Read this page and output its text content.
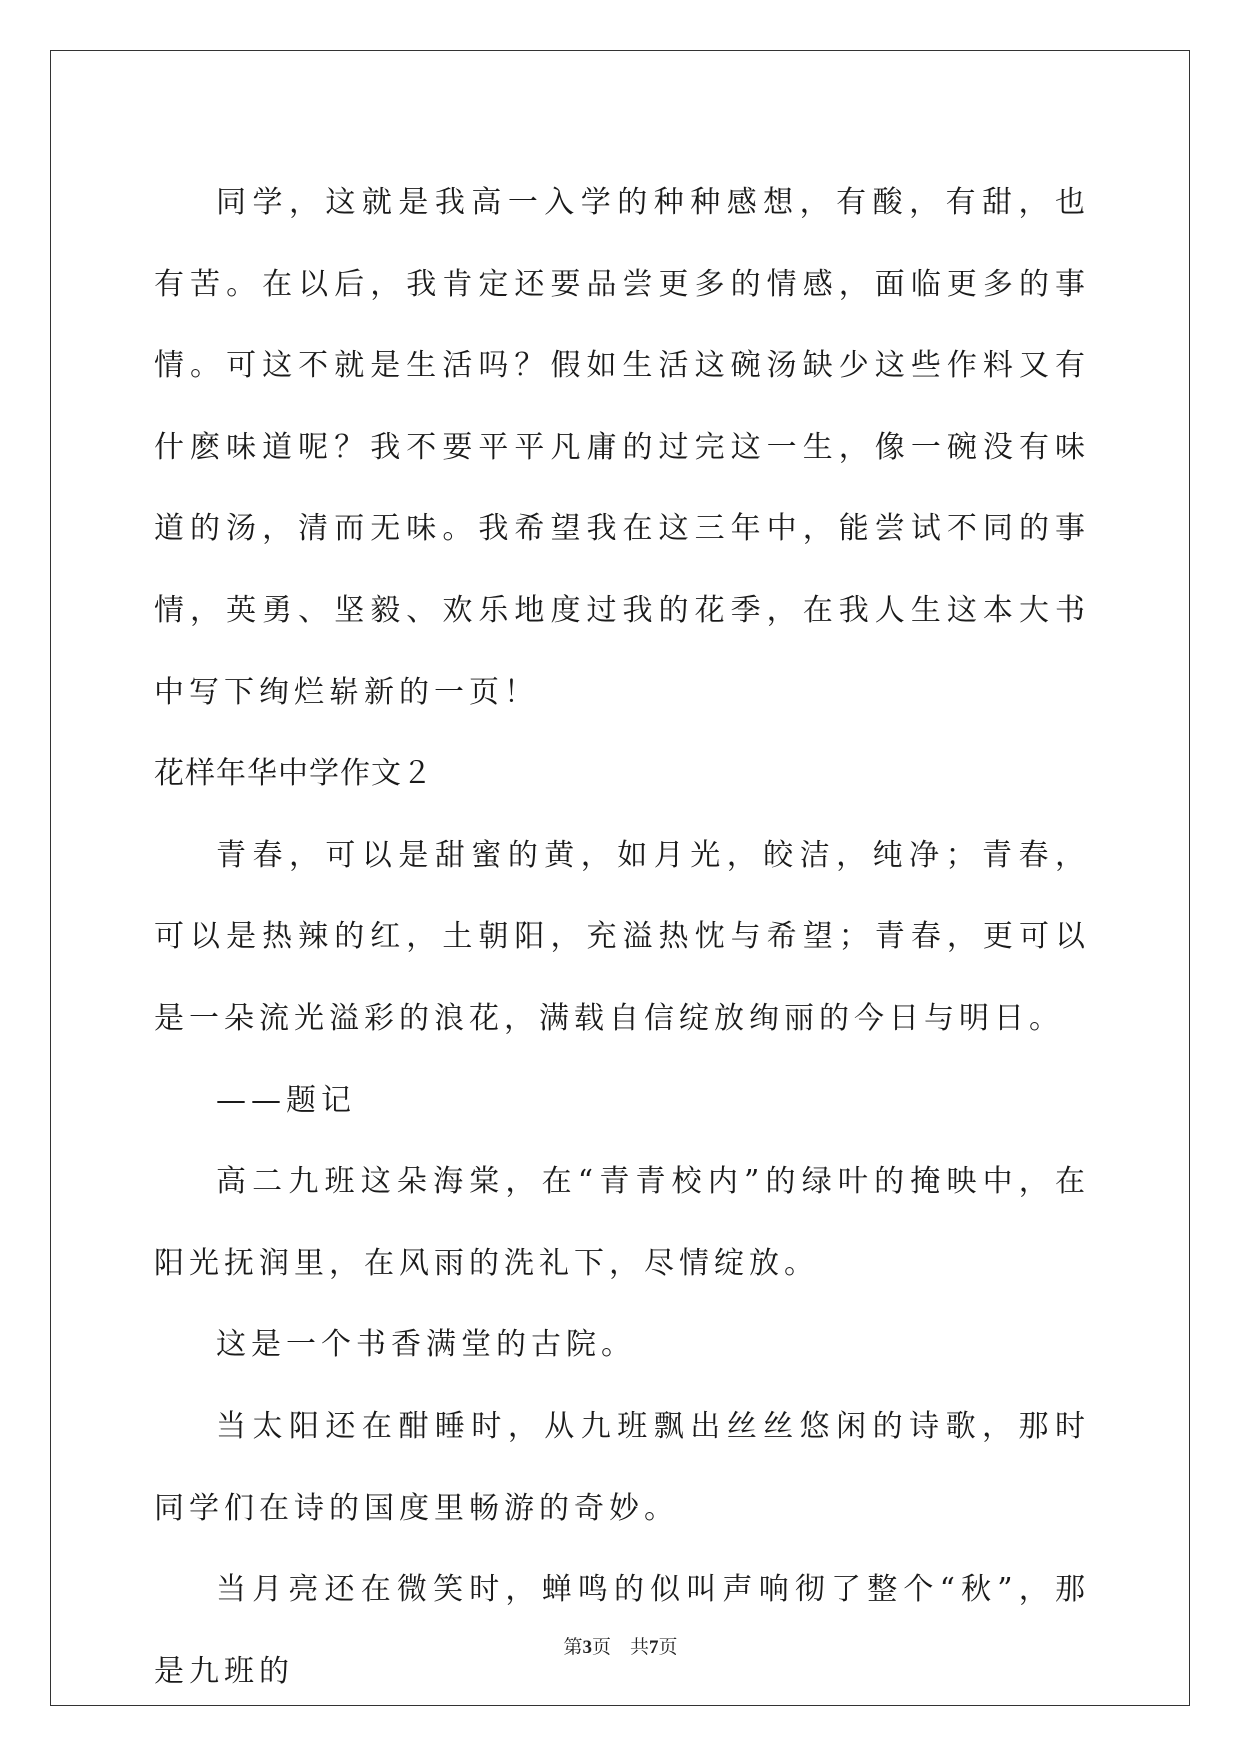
同学，这就是我高一入学的种种感想，有酸，有甜，也有苦。在以后，我肯定还要品尝更多的情感，面临更多的事情。可这不就是生活吗？假如生活这碗汤缺少这些作料又有什麽味道呢？我不要平平凡庸的过完这一生，像一碗没有味道的汤，清而无味。我希望我在这三年中，能尝试不同的事情，英勇、坚毅、欢乐地度过我的花季，在我人生这本大书中写下绚烂崭新的一页！

花样年华中学作文２

青春，可以是甜蜜的黄，如月光，皎洁，纯净；青春，可以是热辣的红，土朝阳，充溢热忱与希望；青春，更可以是一朵流光溢彩的浪花，满载自信绽放绚丽的今日与明日。

——题记

高二九班这朵海棠，在“青青校内”的绿叶的掩映中，在阳光抚润里，在风雨的洗礼下，尽情绽放。

这是一个书香满堂的古院。

当太阳还在酣睡时，从九班飘出丝丝悠闲的诗歌，那时同学们在诗的国度里畅游的奇妙。

当月亮还在微笑时，蝉鸣的似叫声响彻了整个“秋”，那是九班的

第3页　共7页
